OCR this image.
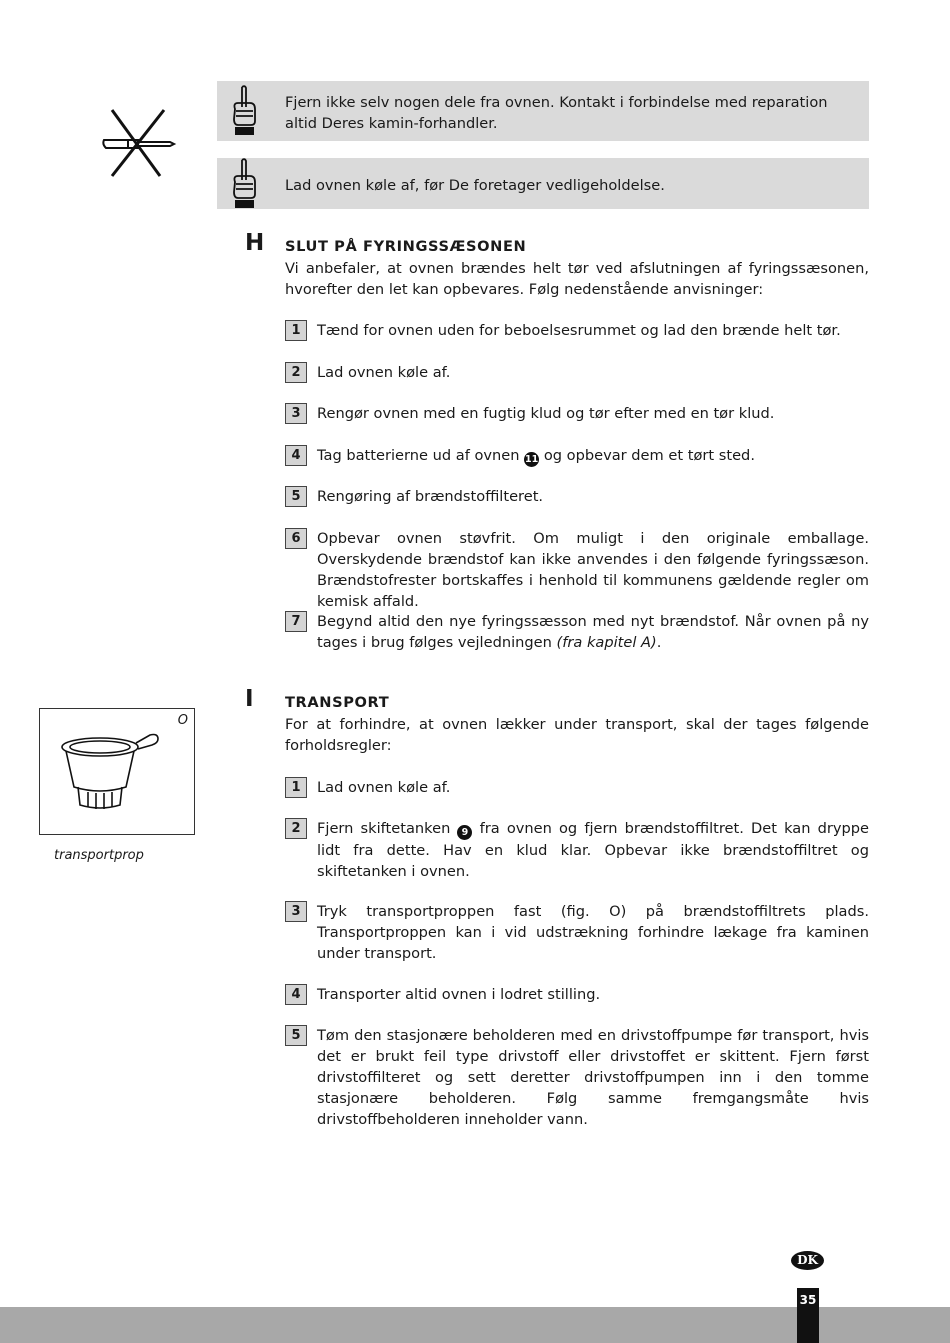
Fjern ikke selv nogen dele fra ovnen. Kontakt i forbindelse med reparation altid Deres kamin-forhandler.
Lad ovnen køle af, før De foretager vedligeholdelse.
H SLUT PÅ FYRINGSSÆSONEN
Vi anbefaler, at ovnen brændes helt tør ved afslutningen af fyringssæsonen, hvorefter den let kan opbevares. Følg nedenstående anvisninger:
1	Tænd for ovnen uden for beboelsesrummet og lad den brænde helt tør.
2	Lad ovnen køle af.
3	Rengør ovnen med en fugtig klud og tør efter med en tør klud.
4	Tag batterierne ud af ovnen 11 og opbevar dem et tørt sted.
5	Rengøring af brændstoffilteret.
6	Opbevar ovnen støvfrit. Om muligt i den originale emballage. Overskydende brændstof kan ikke anvendes i den følgende fyringssæson. Brændstofrester bortskaffes i henhold til kommunens gældende regler om kemisk affald.
7	Begynd altid den nye fyringssæsson med nyt brændstof. Når ovnen på ny tages i brug følges vejledningen (fra kapitel A).
I TRANSPORT
For at forhindre, at ovnen lækker under transport, skal der tages følgende forholdsregler:
1	Lad ovnen køle af.
2	Fjern skiftetanken 9 fra ovnen og fjern brændstoffiltret. Det kan dryppe lidt fra dette. Hav en klud klar. Opbevar ikke brændstoffiltret og skiftetanken i ovnen.
3	Tryk transportproppen fast (fig. O) på brændstoffiltrets plads. Transportproppen kan i vid udstrækning forhindre lækage fra kaminen under transport.
4	Transporter altid ovnen i lodret stilling.
5	Tøm den stasjonære beholderen med en drivstoffpumpe før transport, hvis det er brukt feil type drivstoff eller drivstoffet er skittent. Fjern først drivstoffilteret og sett deretter drivstoffpumpen inn i den tomme stasjonære beholderen. Følg samme fremgangsmåte hvis drivstoffbeholderen inneholder vann.
O
transportprop
DK
35
